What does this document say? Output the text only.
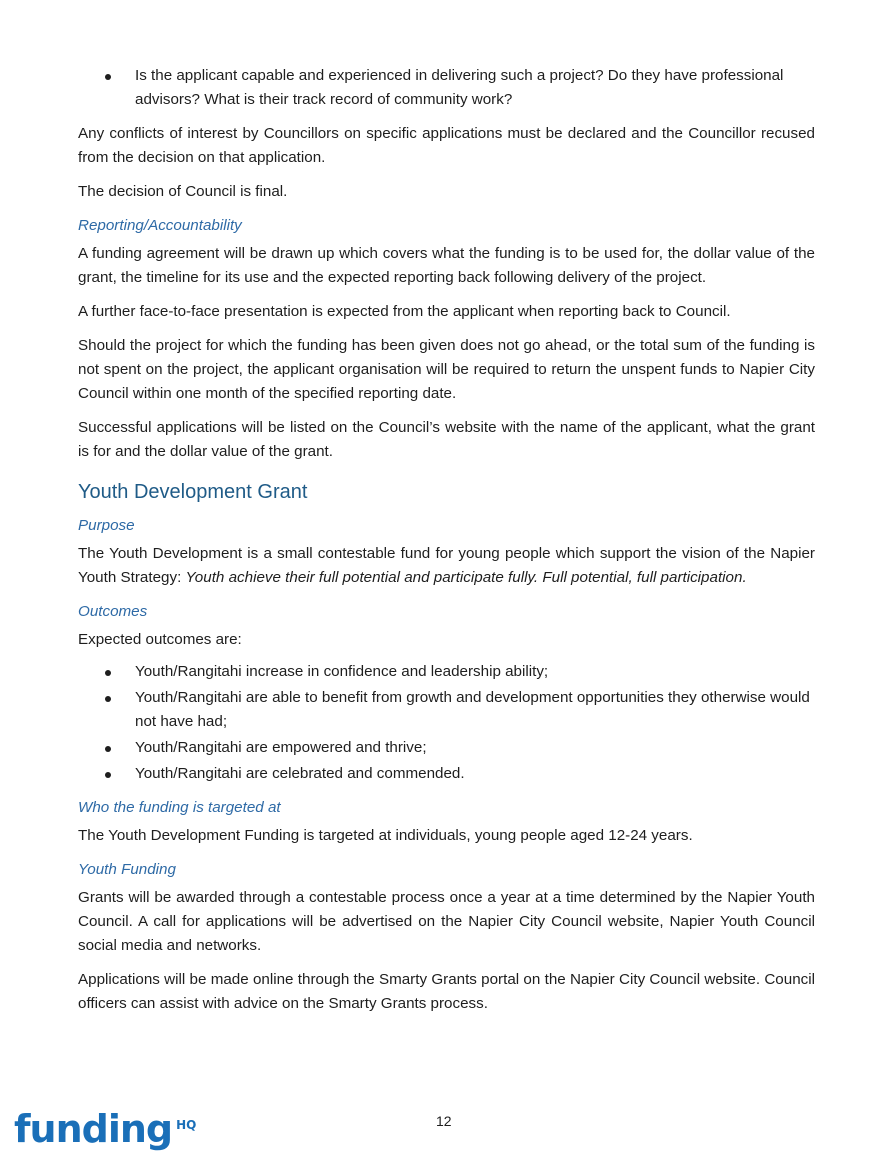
Is the applicant capable and experienced in delivering such a project? Do they have professional advisors? What is their track record of community work?

Any conflicts of interest by Councillors on specific applications must be declared and the Councillor recused from the decision on that application.

The decision of Council is final.

Reporting/Accountability

A funding agreement will be drawn up which covers what the funding is to be used for, the dollar value of the grant, the timeline for its use and the expected reporting back following delivery of the project.

A further face-to-face presentation is expected from the applicant when reporting back to Council.

Should the project for which the funding has been given does not go ahead, or the total sum of the funding is not spent on the project, the applicant organisation will be required to return the unspent funds to Napier City Council within one month of the specified reporting date.

Successful applications will be listed on the Council’s website with the name of the applicant, what the grant is for and the dollar value of the grant.

Youth Development Grant
Purpose

The Youth Development is a small contestable fund for young people which support the vision of the Napier Youth Strategy: Youth achieve their full potential and participate fully. Full potential, full participation.

Outcomes

Expected outcomes are:

Youth/Rangitahi increase in confidence and leadership ability;
Youth/Rangitahi are able to benefit from growth and development opportunities they otherwise would not have had;
Youth/Rangitahi are empowered and thrive;
Youth/Rangitahi are celebrated and commended.
Who the funding is targeted at

The Youth Development Funding is targeted at individuals, young people aged 12-24 years.

Youth Funding

Grants will be awarded through a contestable process once a year at a time determined by the Napier Youth Council. A call for applications will be advertised on the Napier City Council website, Napier Youth Council social media and networks.

Applications will be made online through the Smarty Grants portal on the Napier City Council website. Council officers can assist with advice on the Smarty Grants process.

funding HQ	12
